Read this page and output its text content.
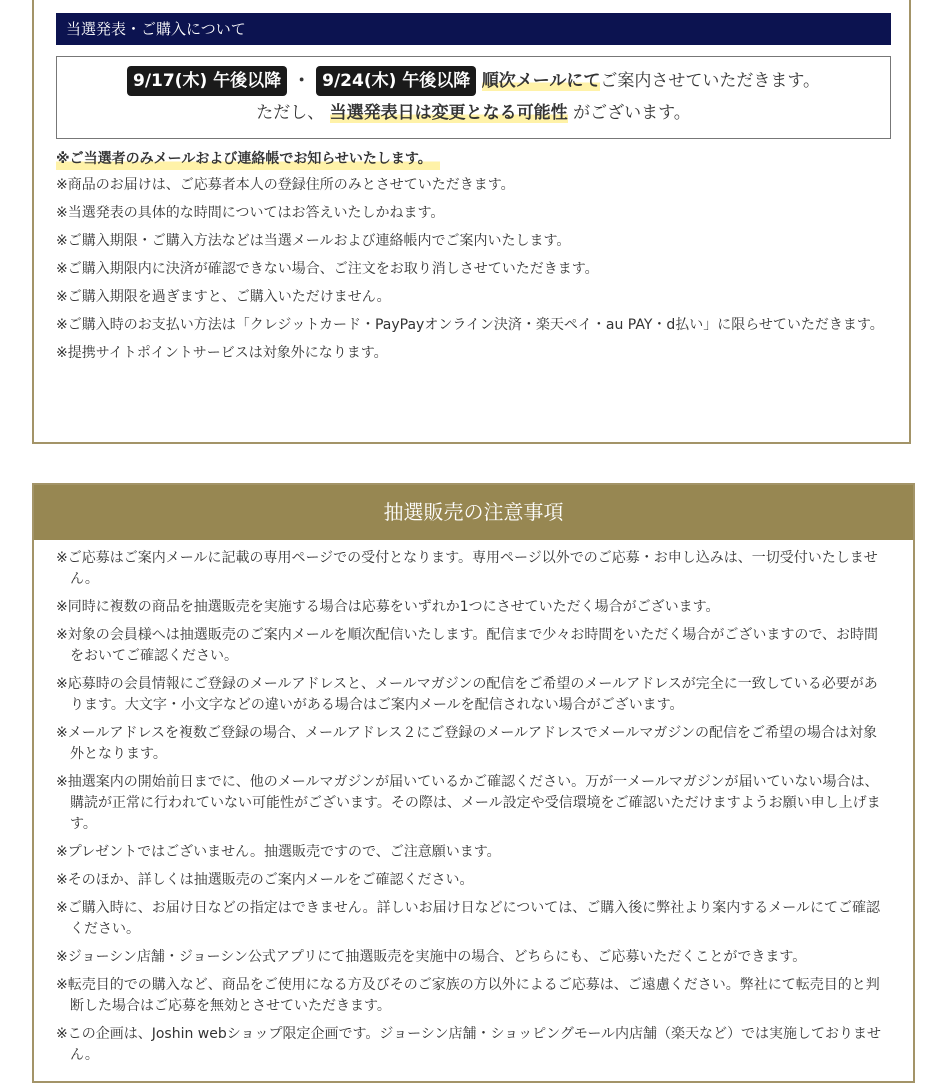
当選発表・ご購入について
9/17(木) 午後以降 ・ 9/24(木) 午後以降 順次メールにてご案内させていただきます。
ただし、 当選発表日は変更となる可能性 がございます。
※ご当選者のみメールおよび連絡帳でお知らせいたします。
※商品のお届けは、ご応募者本人の登録住所のみとさせていただきます。
※当選発表の具体的な時間についてはお答えいたしかねます。
※ご購入期限・ご購入方法などは当選メールおよび連絡帳内でご案内いたします。
※ご購入期限内に決済が確認できない場合、ご注文をお取り消しさせていただきます。
※ご購入期限を過ぎますと、ご購入いただけません。
※ご購入時のお支払い方法は「クレジットカード・PayPayオンライン決済・楽天ペイ・au PAY・d払い」に限らせていただきます。
※提携サイトポイントサービスは対象外になります。
抽選販売の注意事項
※ご応募はご案内メールに記載の専用ページでの受付となります。専用ページ以外でのご応募・お申し込みは、一切受付いたしません。
※同時に複数の商品を抽選販売を実施する場合は応募をいずれか1つにさせていただく場合がございます。
※対象の会員様へは抽選販売のご案内メールを順次配信いたします。配信まで少々お時間をいただく場合がございますので、お時間をおいてご確認ください。
※応募時の会員情報にご登録のメールアドレスと、メールマガジンの配信をご希望のメールアドレスが完全に一致している必要があります。大文字・小文字などの違いがある場合はご案内メールを配信されない場合がございます。
※メールアドレスを複数ご登録の場合、メールアドレス２にご登録のメールアドレスでメールマガジンの配信をご希望の場合は対象外となります。
※抽選案内の開始前日までに、他のメールマガジンが届いているかご確認ください。万が一メールマガジンが届いていない場合は、購読が正常に行われていない可能性がございます。その際は、メール設定や受信環境をご確認いただけますようお願い申し上げます。
※プレゼントではございません。抽選販売ですので、ご注意願います。
※そのほか、詳しくは抽選販売のご案内メールをご確認ください。
※ご購入時に、お届け日などの指定はできません。詳しいお届け日などについては、ご購入後に弊社より案内するメールにてご確認ください。
※ジョーシン店舗・ジョーシン公式アプリにて抽選販売を実施中の場合、どちらにも、ご応募いただくことができます。
※転売目的での購入など、商品をご使用になる方及びそのご家族の方以外によるご応募は、ご遠慮ください。弊社にて転売目的と判断した場合はご応募を無効とさせていただきます。
※この企画は、Joshin webショップ限定企画です。ジョーシン店舗・ショッピングモール内店舗（楽天など）では実施しておりません。
